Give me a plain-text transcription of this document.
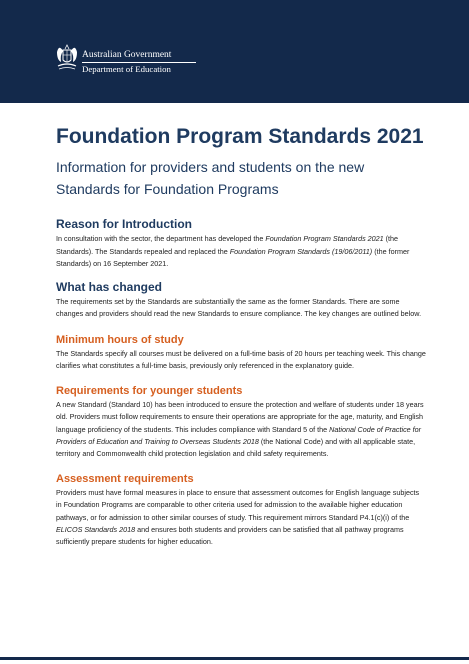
Australian Government
Department of Education
Foundation Program Standards 2021
Information for providers and students on the new Standards for Foundation Programs
Reason for Introduction

In consultation with the sector, the department has developed the Foundation Program Standards 2021 (the Standards). The Standards repealed and replaced the Foundation Program Standards (19/06/2011) (the former Standards) on 16 September 2021.

What has changed

The requirements set by the Standards are substantially the same as the former Standards. There are some changes and providers should read the new Standards to ensure compliance. The key changes are outlined below.

Minimum hours of study

The Standards specify all courses must be delivered on a full-time basis of 20 hours per teaching week. This change clarifies what constitutes a full-time basis, previously only referenced in the explanatory guide.

Requirements for younger students

A new Standard (Standard 10) has been introduced to ensure the protection and welfare of students under 18 years old. Providers must follow requirements to ensure their operations are appropriate for the age, maturity, and English language proficiency of the students. This includes compliance with Standard 5 of the National Code of Practice for Providers of Education and Training to Overseas Students 2018 (the National Code) and with all applicable state, territory and Commonwealth child protection legislation and child safety requirements.

Assessment requirements

Providers must have formal measures in place to ensure that assessment outcomes for English language subjects in Foundation Programs are comparable to other criteria used for admission to the available higher education pathways, or for admission to other similar courses of study. This requirement mirrors Standard P4.1(c)(i) of the ELICOS Standards 2018 and ensures both students and providers can be satisfied that all pathway programs sufficiently prepare students for higher education.
